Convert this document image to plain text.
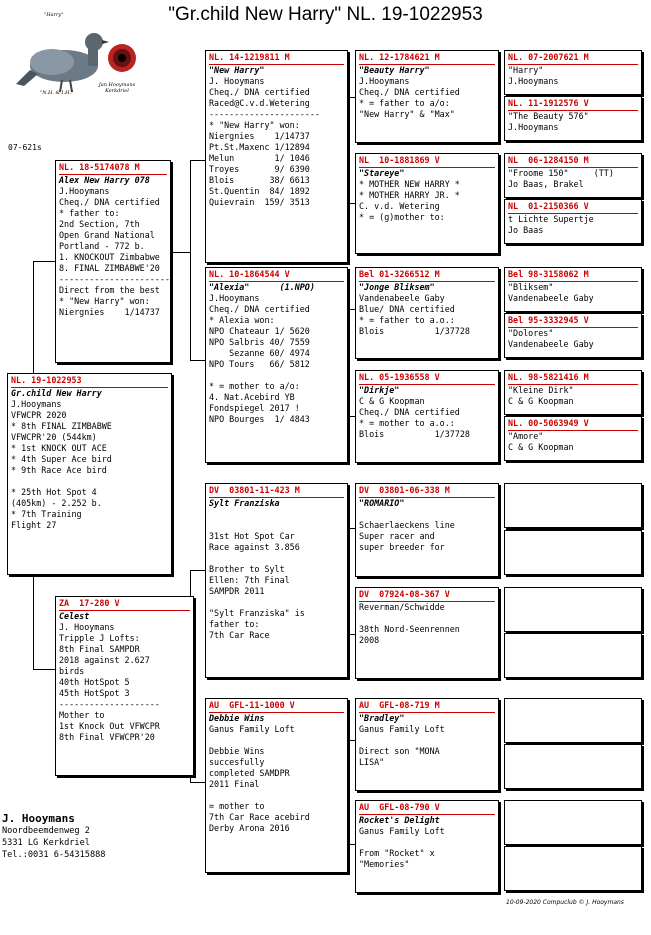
"Gr.child New Harry" NL. 19-1022953
"Harry"
"N.H. & I.H."
Jan Hooymans Kerkdriel
07-621s
NL. 19-1022953
Gr.child New Harry
J.Hooymans
VFWCPR 2020
* 8th FINAL ZIMBABWE
VFWCPR'20 (544km)
* 1st KNOCK OUT ACE
* 4th Super Ace bird
* 9th Race Ace bird
* 25th Hot Spot 4
(405km) - 2.252 b.
* 7th Training
Flight 27
NL. 18-5174078 M
Alex New Harry 078
J.Hooymans
Cheq./ DNA certified
* father to:
2nd Section, 7th
Open Grand National
Portland - 772 b.
1. KNOCKOUT Zimbabwe
8. FINAL ZIMBABWE'20
----------------------
Direct from the best
* "New Harry" won:
Niergnies    1/14737
ZA  17-280 V
Celest
J. Hooymans
Tripple J Lofts:
8th Final SAMPDR
2018 against 2.627
birds
40th HotSpot 5
45th HotSpot 3
--------------------
Mother to
1st Knock Out VFWCPR
8th Final VFWCPR'20
NL. 14-1219811 M
"New Harry"
J. Hooymans
Cheq./ DNA certified
Raced@C.v.d.Wetering
----------------------
* "New Harry" won:
Niergnies    1/14737
Pt.St.Maxenc 1/12894
Melun        1/ 1046
Troyes       9/ 6390
Blois       38/ 6613
St.Quentin  84/ 1892
Quievrain  159/ 3513
NL. 10-1864544 V
"Alexia"      (1.NPO)
J.Hooymans
Cheq./ DNA certified
* Alexia won:
NPO Chateaur 1/ 5620
NPO Salbris 40/ 7559
Sezanne 60/ 4974
NPO Tours   66/ 5812
* = mother to a/o:
4. Nat.Acebird YB
Fondspiegel 2017 !
NPO Bourges  1/ 4843
DV  03801-11-423 M
Sylt Franziska
31st Hot Spot Car
Race against 3.856
Brother to Sylt
Ellen: 7th Final
SAMPDR 2011
"Sylt Franziska" is
father to:
7th Car Race
AU  GFL-11-1000 V
Debbie Wins
Ganus Family Loft
Debbie Wins
succesfully
completed SAMDPR
2011 Final
= mother to
7th Car Race acebird
Derby Arona 2016
NL. 12-1784621 M
"Beauty Harry"
J.Hooymans
Cheq./ DNA certified
* = father to a/o:
"New Harry" & "Max"
NL  10-1881869 V
"Stareye"
* MOTHER NEW HARRY *
* MOTHER HARRY JR. *
C. v.d. Wetering
* = (g)mother to:
Bel 01-3266512 M
"Jonge Bliksem"
Vandenabeele Gaby
Blue/ DNA certified
* = father to a.o.:
Blois          1/37728
NL. 05-1936558 V
"Dirkje"
C & G Koopman
Cheq./ DNA certified
* = mother to a.o.:
Blois          1/37728
DV  03801-06-338 M
"ROMARIO"
Schaerlaeckens line
Super racer and
super breeder for
DV  07924-08-367 V
Reverman/Schwidde
38th Nord-Seenrennen
2008
AU  GFL-08-719 M
"Bradley"
Ganus Family Loft
Direct son "MONA
LISA"
AU  GFL-08-790 V
Rocket's Delight
Ganus Family Loft
From "Rocket" x
"Memories"
NL. 07-2007621 M
"Harry"
J.Hooymans
NL. 11-1912576 V
"The Beauty 576"
J.Hooymans
NL  06-1284150 M
"Froome 150"     (TT)
Jo Baas, Brakel
NL  01-2150366 V
t Lichte Supertje
Jo Baas
Bel 98-3158062 M
"Bliksem"
Vandenabeele Gaby
Bel 95-3332945 V
"Dolores"
Vandenabeele Gaby
NL. 98-5821416 M
"Kleine Dirk"
C & G Koopman
NL. 00-5063949 V
"Amore"
C & G Koopman
J. Hooymans
Noordbeemdenweg 2
5331 LG Kerkdriel
Tel.:0031 6-54315888
10-09-2020 Compuclub © J. Hooymans
